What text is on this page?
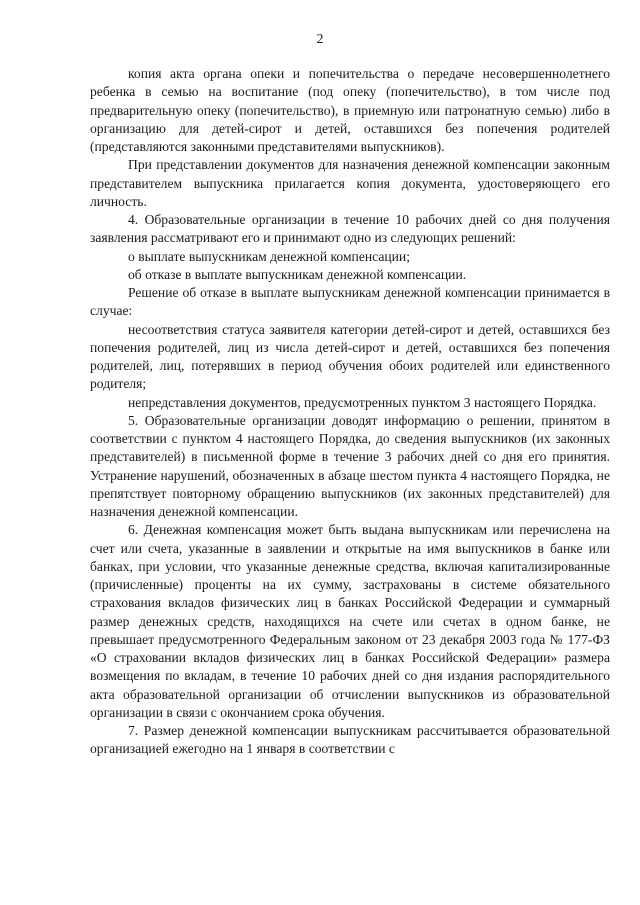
2

копия акта органа опеки и попечительства о передаче несовершеннолетнего ребенка в семью на воспитание (под опеку (попечительство), в том числе под предварительную опеку (попечительство), в приемную или патронатную семью) либо в организацию для детей-сирот и детей, оставшихся без попечения родителей (представляются законными представителями выпускников).

При представлении документов для назначения денежной компенсации законным представителем выпускника прилагается копия документа, удостоверяющего его личность.

4. Образовательные организации в течение 10 рабочих дней со дня получения заявления рассматривают его и принимают одно из следующих решений:

о выплате выпускникам денежной компенсации;

об отказе в выплате выпускникам денежной компенсации.

Решение об отказе в выплате выпускникам денежной компенсации принимается в случае:

несоответствия статуса заявителя категории детей-сирот и детей, оставшихся без попечения родителей, лиц из числа детей-сирот и детей, оставшихся без попечения родителей, лиц, потерявших в период обучения обоих родителей или единственного родителя;

непредставления документов, предусмотренных пунктом 3 настоящего Порядка.

5. Образовательные организации доводят информацию о решении, принятом в соответствии с пунктом 4 настоящего Порядка, до сведения выпускников (их законных представителей) в письменной форме в течение 3 рабочих дней со дня его принятия. Устранение нарушений, обозначенных в абзаце шестом пункта 4 настоящего Порядка, не препятствует повторному обращению выпускников (их законных представителей) для назначения денежной компенсации.

6. Денежная компенсация может быть выдана выпускникам или перечислена на счет или счета, указанные в заявлении и открытые на имя выпускников в банке или банках, при условии, что указанные денежные средства, включая капитализированные (причисленные) проценты на их сумму, застрахованы в системе обязательного страхования вкладов физических лиц в банках Российской Федерации и суммарный размер денежных средств, находящихся на счете или счетах в одном банке, не превышает предусмотренного Федеральным законом от 23 декабря 2003 года № 177-ФЗ «О страховании вкладов физических лиц в банках Российской Федерации» размера возмещения по вкладам, в течение 10 рабочих дней со дня издания распорядительного акта образовательной организации об отчислении выпускников из образовательной организации в связи с окончанием срока обучения.

7. Размер денежной компенсации выпускникам рассчитывается образовательной организацией ежегодно на 1 января в соответствии с
